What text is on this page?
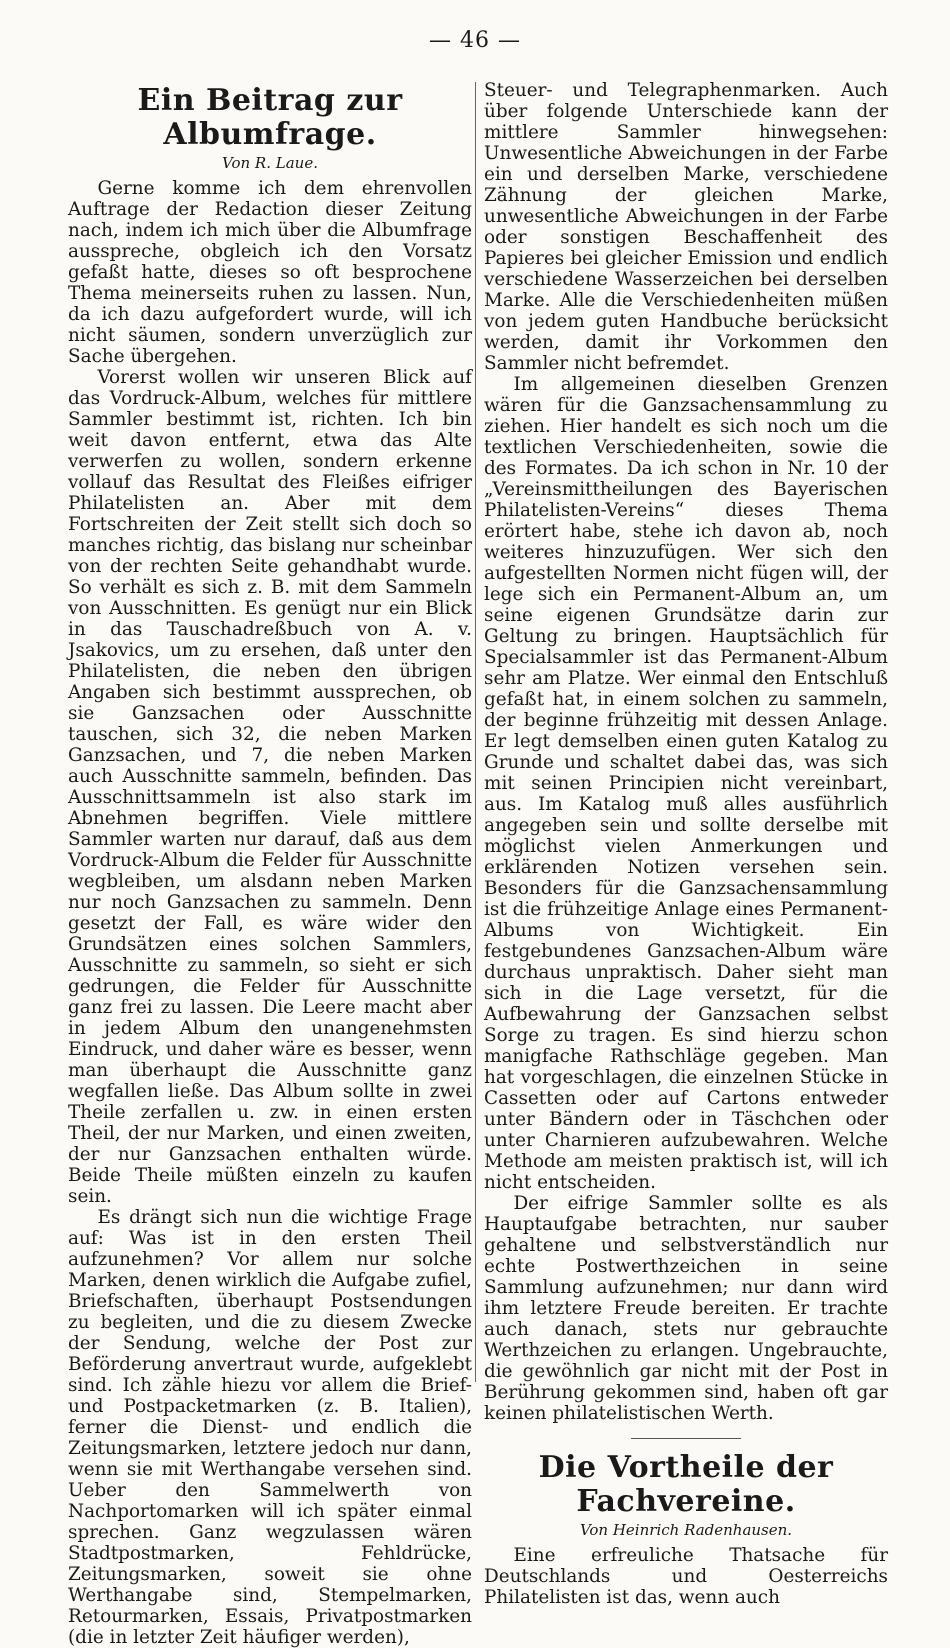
— 46 —
Ein Beitrag zur Albumfrage.
Von R. Laue.

Gerne komme ich dem ehrenvollen Auftrage der Redaction dieser Zeitung nach, indem ich mich über die Albumfrage ausspreche, obgleich ich den Vorsatz gefaßt hatte, dieses so oft besprochene Thema meinerseits ruhen zu lassen. Nun, da ich dazu aufgefordert wurde, will ich nicht säumen, sondern unverzüglich zur Sache übergehen.

Vorerst wollen wir unseren Blick auf das Vordruck-Album, welches für mittlere Sammler bestimmt ist, richten. Ich bin weit davon entfernt, etwa das Alte verwerfen zu wollen, sondern erkenne vollauf das Resultat des Fleißes eifriger Philatelisten an. Aber mit dem Fortschreiten der Zeit stellt sich doch so manches richtig, das bislang nur scheinbar von der rechten Seite gehandhabt wurde. So verhält es sich z. B. mit dem Sammeln von Ausschnitten. Es genügt nur ein Blick in das Tauschadreßbuch von A. v. Jsakovics, um zu ersehen, daß unter den Philatelisten, die neben den übrigen Angaben sich bestimmt aussprechen, ob sie Ganzsachen oder Ausschnitte tauschen, sich 32, die neben Marken Ganzsachen, und 7, die neben Marken auch Ausschnitte sammeln, befinden. Das Ausschnittsammeln ist also stark im Abnehmen begriffen. Viele mittlere Sammler warten nur darauf, daß aus dem Vordruck-Album die Felder für Ausschnitte wegbleiben, um alsdann neben Marken nur noch Ganzsachen zu sammeln. Denn gesetzt der Fall, es wäre wider den Grundsätzen eines solchen Sammlers, Ausschnitte zu sammeln, so sieht er sich gedrungen, die Felder für Ausschnitte ganz frei zu lassen. Die Leere macht aber in jedem Album den unangenehmsten Eindruck, und daher wäre es besser, wenn man überhaupt die Ausschnitte ganz wegfallen ließe. Das Album sollte in zwei Theile zerfallen u. zw. in einen ersten Theil, der nur Marken, und einen zweiten, der nur Ganzsachen enthalten würde. Beide Theile müßten einzeln zu kaufen sein.

Es drängt sich nun die wichtige Frage auf: Was ist in den ersten Theil aufzunehmen? Vor allem nur solche Marken, denen wirklich die Aufgabe zufiel, Briefschaften, überhaupt Postsendungen zu begleiten, und die zu diesem Zwecke der Sendung, welche der Post zur Beförderung anvertraut wurde, aufgeklebt sind. Ich zähle hiezu vor allem die Brief- und Postpacketmarken (z. B. Italien), ferner die Dienst- und endlich die Zeitungsmarken, letztere jedoch nur dann, wenn sie mit Werthangabe versehen sind. Ueber den Sammelwerth von Nachportomarken will ich später einmal sprechen. Ganz wegzulassen wären Stadtpostmarken, Fehldrücke, Zeitungsmarken, soweit sie ohne Werthangabe sind, Stempelmarken, Retourmarken, Essais, Privatpostmarken (die in letzter Zeit häufiger werden),

Steuer- und Telegraphenmarken. Auch über folgende Unterschiede kann der mittlere Sammler hinwegsehen: Unwesentliche Abweichungen in der Farbe ein und derselben Marke, verschiedene Zähnung der gleichen Marke, unwesentliche Abweichungen in der Farbe oder sonstigen Beschaffenheit des Papieres bei gleicher Emission und endlich verschiedene Wasserzeichen bei derselben Marke. Alle die Verschiedenheiten müßen von jedem guten Handbuche berücksicht werden, damit ihr Vorkommen den Sammler nicht befremdet.

Im allgemeinen dieselben Grenzen wären für die Ganzsachensammlung zu ziehen. Hier handelt es sich noch um die textlichen Verschiedenheiten, sowie die des Formates. Da ich schon in Nr. 10 der „Vereinsmittheilungen des Bayerischen Philatelisten-Vereins“ dieses Thema erörtert habe, stehe ich davon ab, noch weiteres hinzuzufügen. Wer sich den aufgestellten Normen nicht fügen will, der lege sich ein Permanent-Album an, um seine eigenen Grundsätze darin zur Geltung zu bringen. Hauptsächlich für Specialsammler ist das Permanent-Album sehr am Platze. Wer einmal den Entschluß gefaßt hat, in einem solchen zu sammeln, der beginne frühzeitig mit dessen Anlage. Er legt demselben einen guten Katalog zu Grunde und schaltet dabei das, was sich mit seinen Principien nicht vereinbart, aus. Im Katalog muß alles ausführlich angegeben sein und sollte derselbe mit möglichst vielen Anmerkungen und erklärenden Notizen versehen sein. Besonders für die Ganzsachensammlung ist die frühzeitige Anlage eines Permanent-Albums von Wichtigkeit. Ein festgebundenes Ganzsachen-Album wäre durchaus unpraktisch. Daher sieht man sich in die Lage versetzt, für die Aufbewahrung der Ganzsachen selbst Sorge zu tragen. Es sind hierzu schon manigfache Rathschläge gegeben. Man hat vorgeschlagen, die einzelnen Stücke in Cassetten oder auf Cartons entweder unter Bändern oder in Täschchen oder unter Charnieren aufzubewahren. Welche Methode am meisten praktisch ist, will ich nicht entscheiden.

Der eifrige Sammler sollte es als Hauptaufgabe betrachten, nur sauber gehaltene und selbstverständlich nur echte Postwerthzeichen in seine Sammlung aufzunehmen; nur dann wird ihm letztere Freude bereiten. Er trachte auch danach, stets nur gebrauchte Werthzeichen zu erlangen. Ungebrauchte, die gewöhnlich gar nicht mit der Post in Berührung gekommen sind, haben oft gar keinen philatelistischen Werth.

Die Vortheile der Fachvereine.
Von Heinrich Radenhausen.

Eine erfreuliche Thatsache für Deutschlands und Oesterreichs Philatelisten ist das, wenn auch
